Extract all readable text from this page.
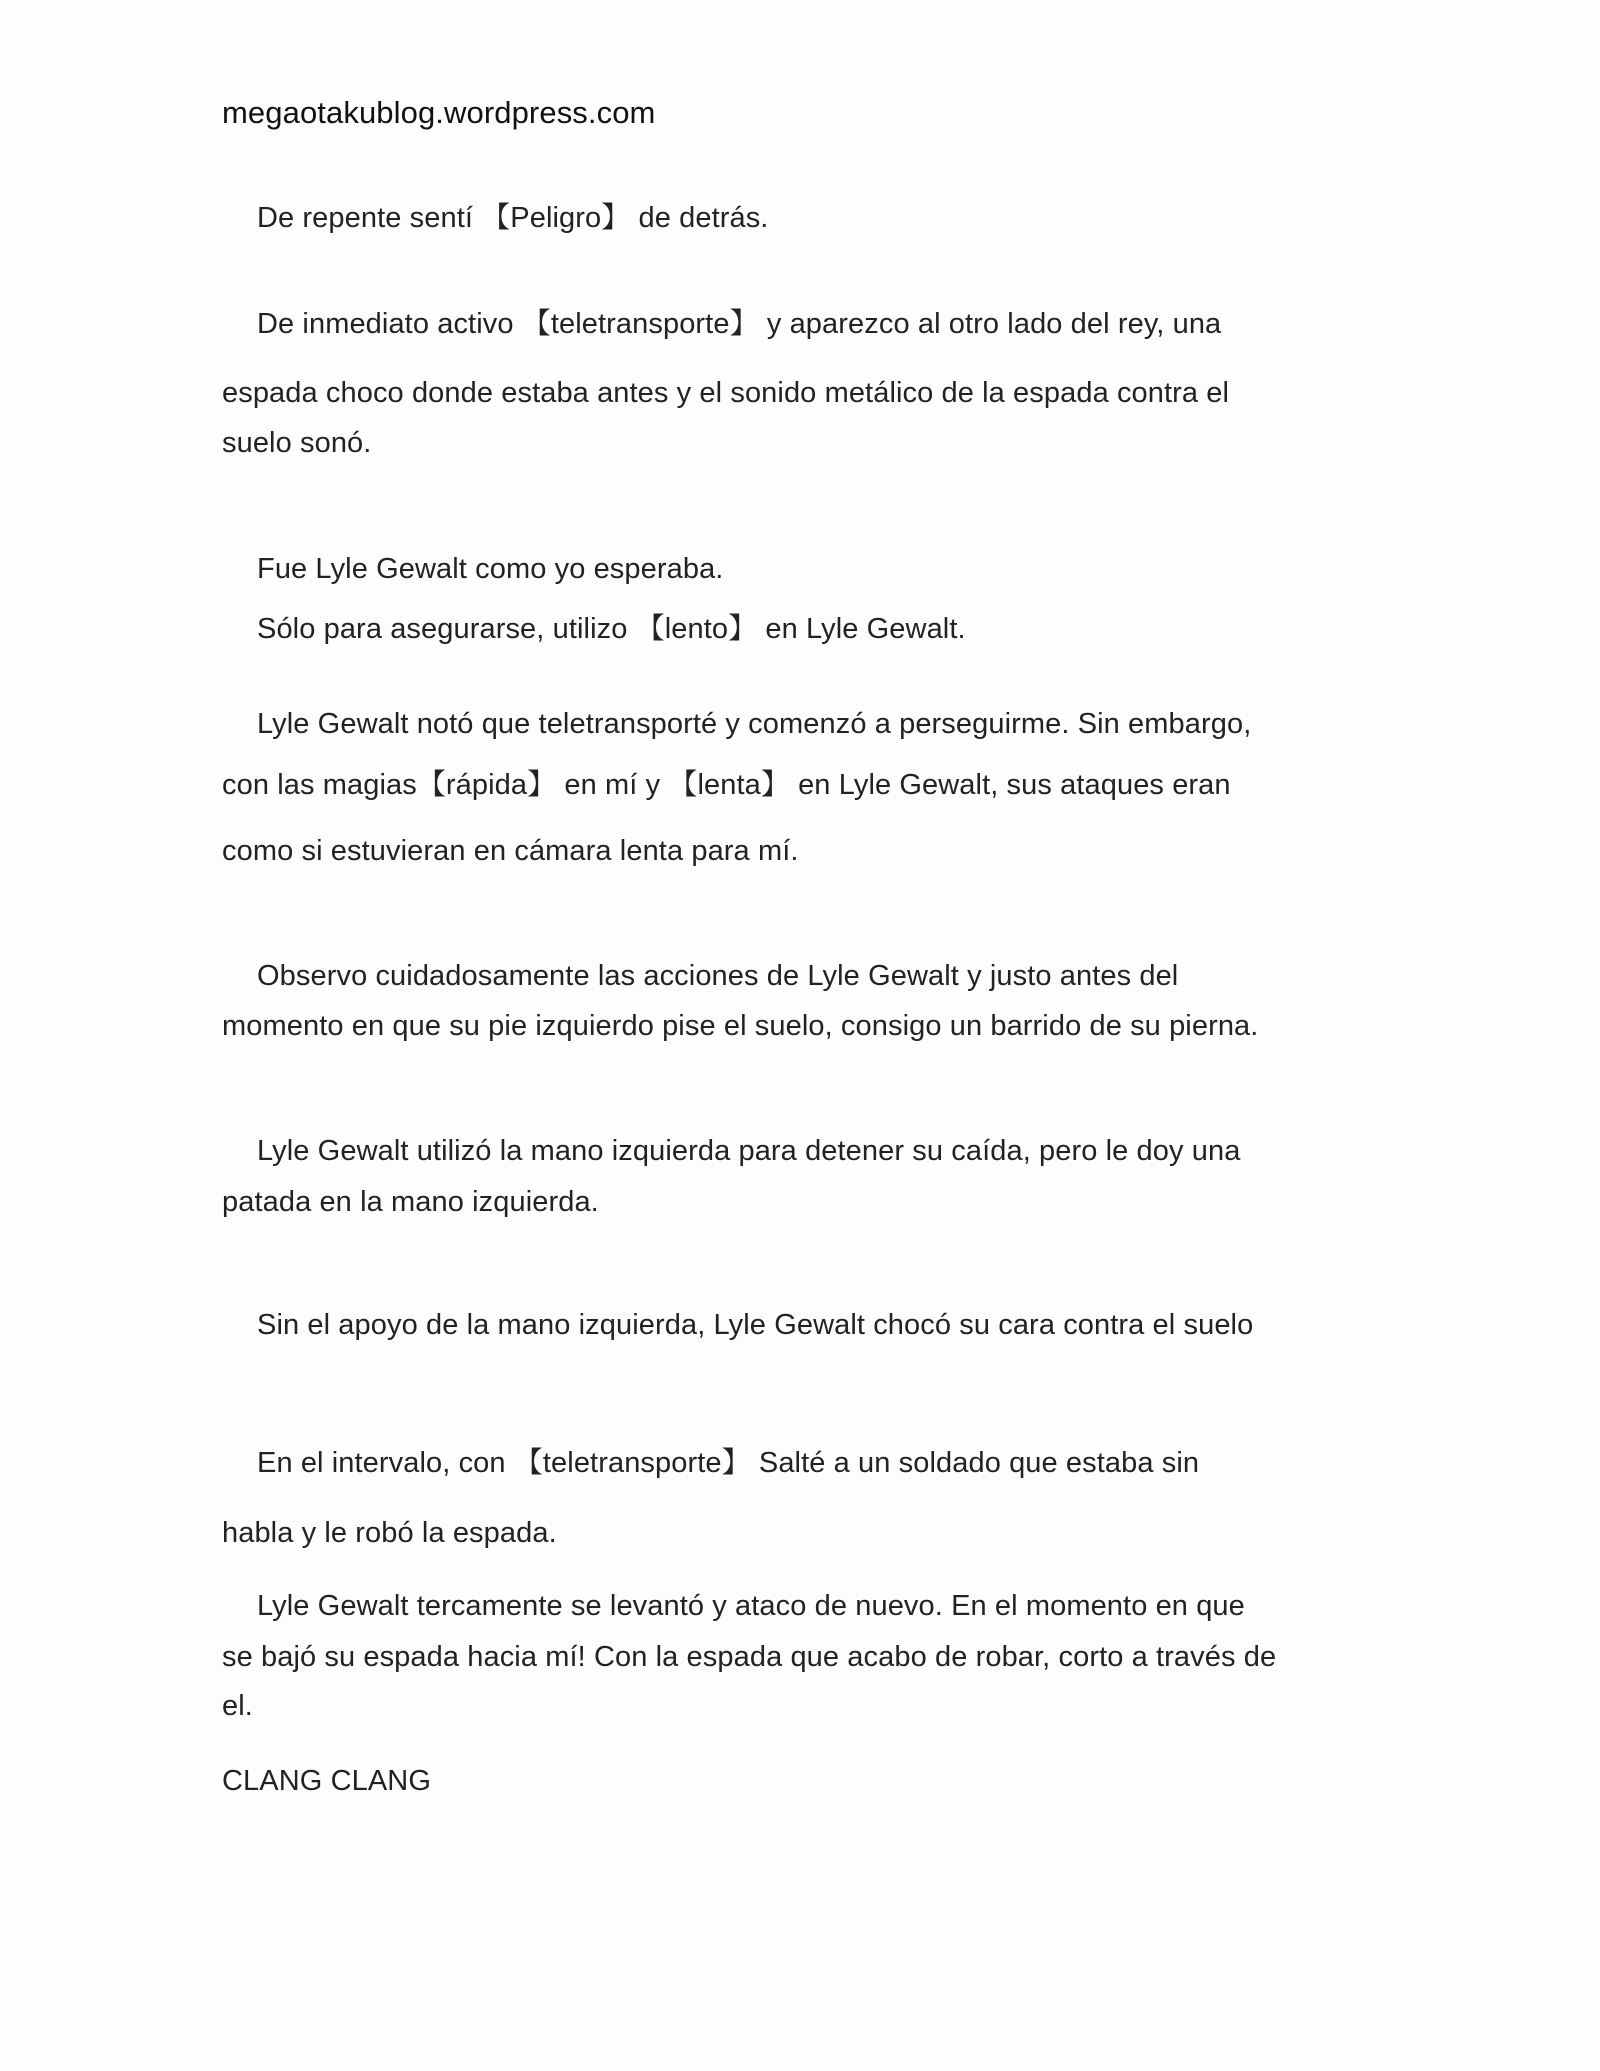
megaotakublog.wordpress.com
De repente sentí 【Peligro】 de detrás.
De inmediato activo 【teletransporte】 y aparezco al otro lado del rey, una
espada choco donde estaba antes y el sonido metálico de la espada contra el
suelo sonó.
Fue Lyle Gewalt como yo esperaba.
Sólo para asegurarse, utilizo 【lento】 en Lyle Gewalt.
Lyle Gewalt notó que teletransporté y comenzó a perseguirme. Sin embargo,
con las magias【rápida】 en mí y 【lenta】 en Lyle Gewalt, sus ataques eran
como si estuvieran en cámara lenta para mí.
Observo cuidadosamente las acciones de Lyle Gewalt y justo antes del
momento en que su pie izquierdo pise el suelo, consigo un barrido de su pierna.
Lyle Gewalt utilizó la mano izquierda para detener su caída, pero le doy una
patada en la mano izquierda.
Sin el apoyo de la mano izquierda, Lyle Gewalt chocó su cara contra el suelo
En el intervalo, con 【teletransporte】 Salté a un soldado que estaba sin
habla y le robó la espada.
Lyle Gewalt tercamente se levantó y ataco de nuevo. En el momento en que
se bajó su espada hacia mí! Con la espada que acabo de robar, corto a través de
el.
CLANG CLANG
